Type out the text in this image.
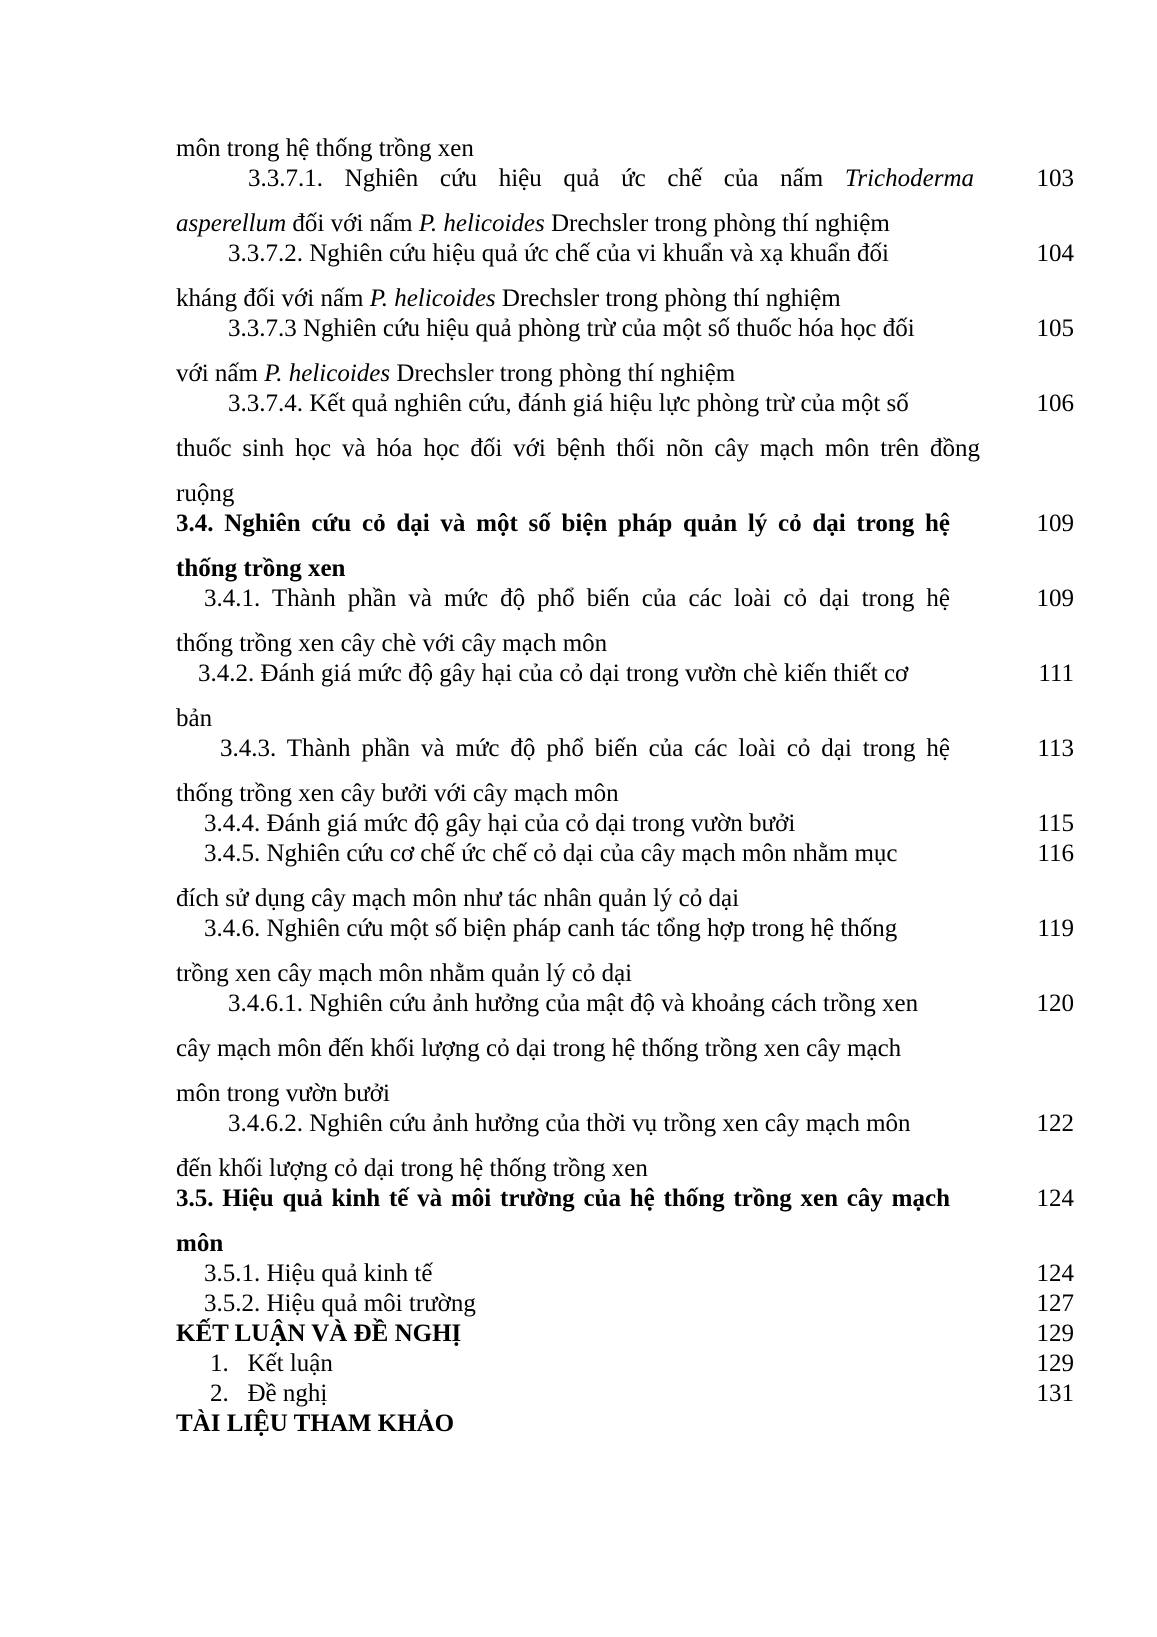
môn trong hệ thống trồng xen
3.3.7.1. Nghiên cứu hiệu quả ức chế của nấm Trichoderma	103
asperellum đối với nấm P. helicoides Drechsler trong phòng thí nghiệm
3.3.7.2. Nghiên cứu hiệu quả ức chế của vi khuẩn và xạ khuẩn đối	104
kháng đối với nấm P. helicoides Drechsler trong phòng thí nghiệm
3.3.7.3 Nghiên cứu hiệu quả phòng trừ của một số thuốc hóa học đối	105
với nấm P. helicoides Drechsler trong phòng thí nghiệm
3.3.7.4. Kết quả nghiên cứu, đánh giá hiệu lực phòng trừ của một số	106
thuốc sinh học và hóa học đối với bệnh thối nõn cây mạch môn trên đồng
ruộng
3.4. Nghiên cứu cỏ dại và một số biện pháp quản lý cỏ dại trong hệ	109
thống trồng xen
3.4.1. Thành phần và mức độ phổ biến của các loài cỏ dại trong hệ	109
thống trồng xen cây chè với cây mạch môn
3.4.2. Đánh giá mức độ gây hại của cỏ dại trong vườn chè kiến thiết cơ	111
bản
3.4.3. Thành phần và mức độ phổ biến của các loài cỏ dại trong hệ	113
thống trồng xen cây bưởi với cây mạch môn
3.4.4. Đánh giá mức độ gây hại của cỏ dại trong vườn bưởi	115
3.4.5. Nghiên cứu cơ chế ức chế cỏ dại của cây mạch môn nhằm mục	116
đích sử dụng cây mạch môn như tác nhân quản lý cỏ dại
3.4.6. Nghiên cứu một số biện pháp canh tác tổng hợp trong hệ thống	119
trồng xen cây mạch môn nhằm quản lý cỏ dại
3.4.6.1. Nghiên cứu ảnh hưởng của mật độ và khoảng cách trồng xen	120
cây mạch môn đến khối lượng cỏ dại trong hệ thống trồng xen cây mạch
môn trong vườn bưởi
3.4.6.2. Nghiên cứu ảnh hưởng của thời vụ trồng xen cây mạch môn	122
đến khối lượng cỏ dại trong hệ thống trồng xen
3.5. Hiệu quả kinh tế và môi trường của hệ thống trồng xen cây mạch	124
môn
3.5.1. Hiệu quả kinh tế	124
3.5.2. Hiệu quả môi trường	127
KẾT LUẬN VÀ ĐỀ NGHỊ	129
1.   Kết luận	129
2.   Đề nghị	131
TÀI LIỆU THAM KHẢO
